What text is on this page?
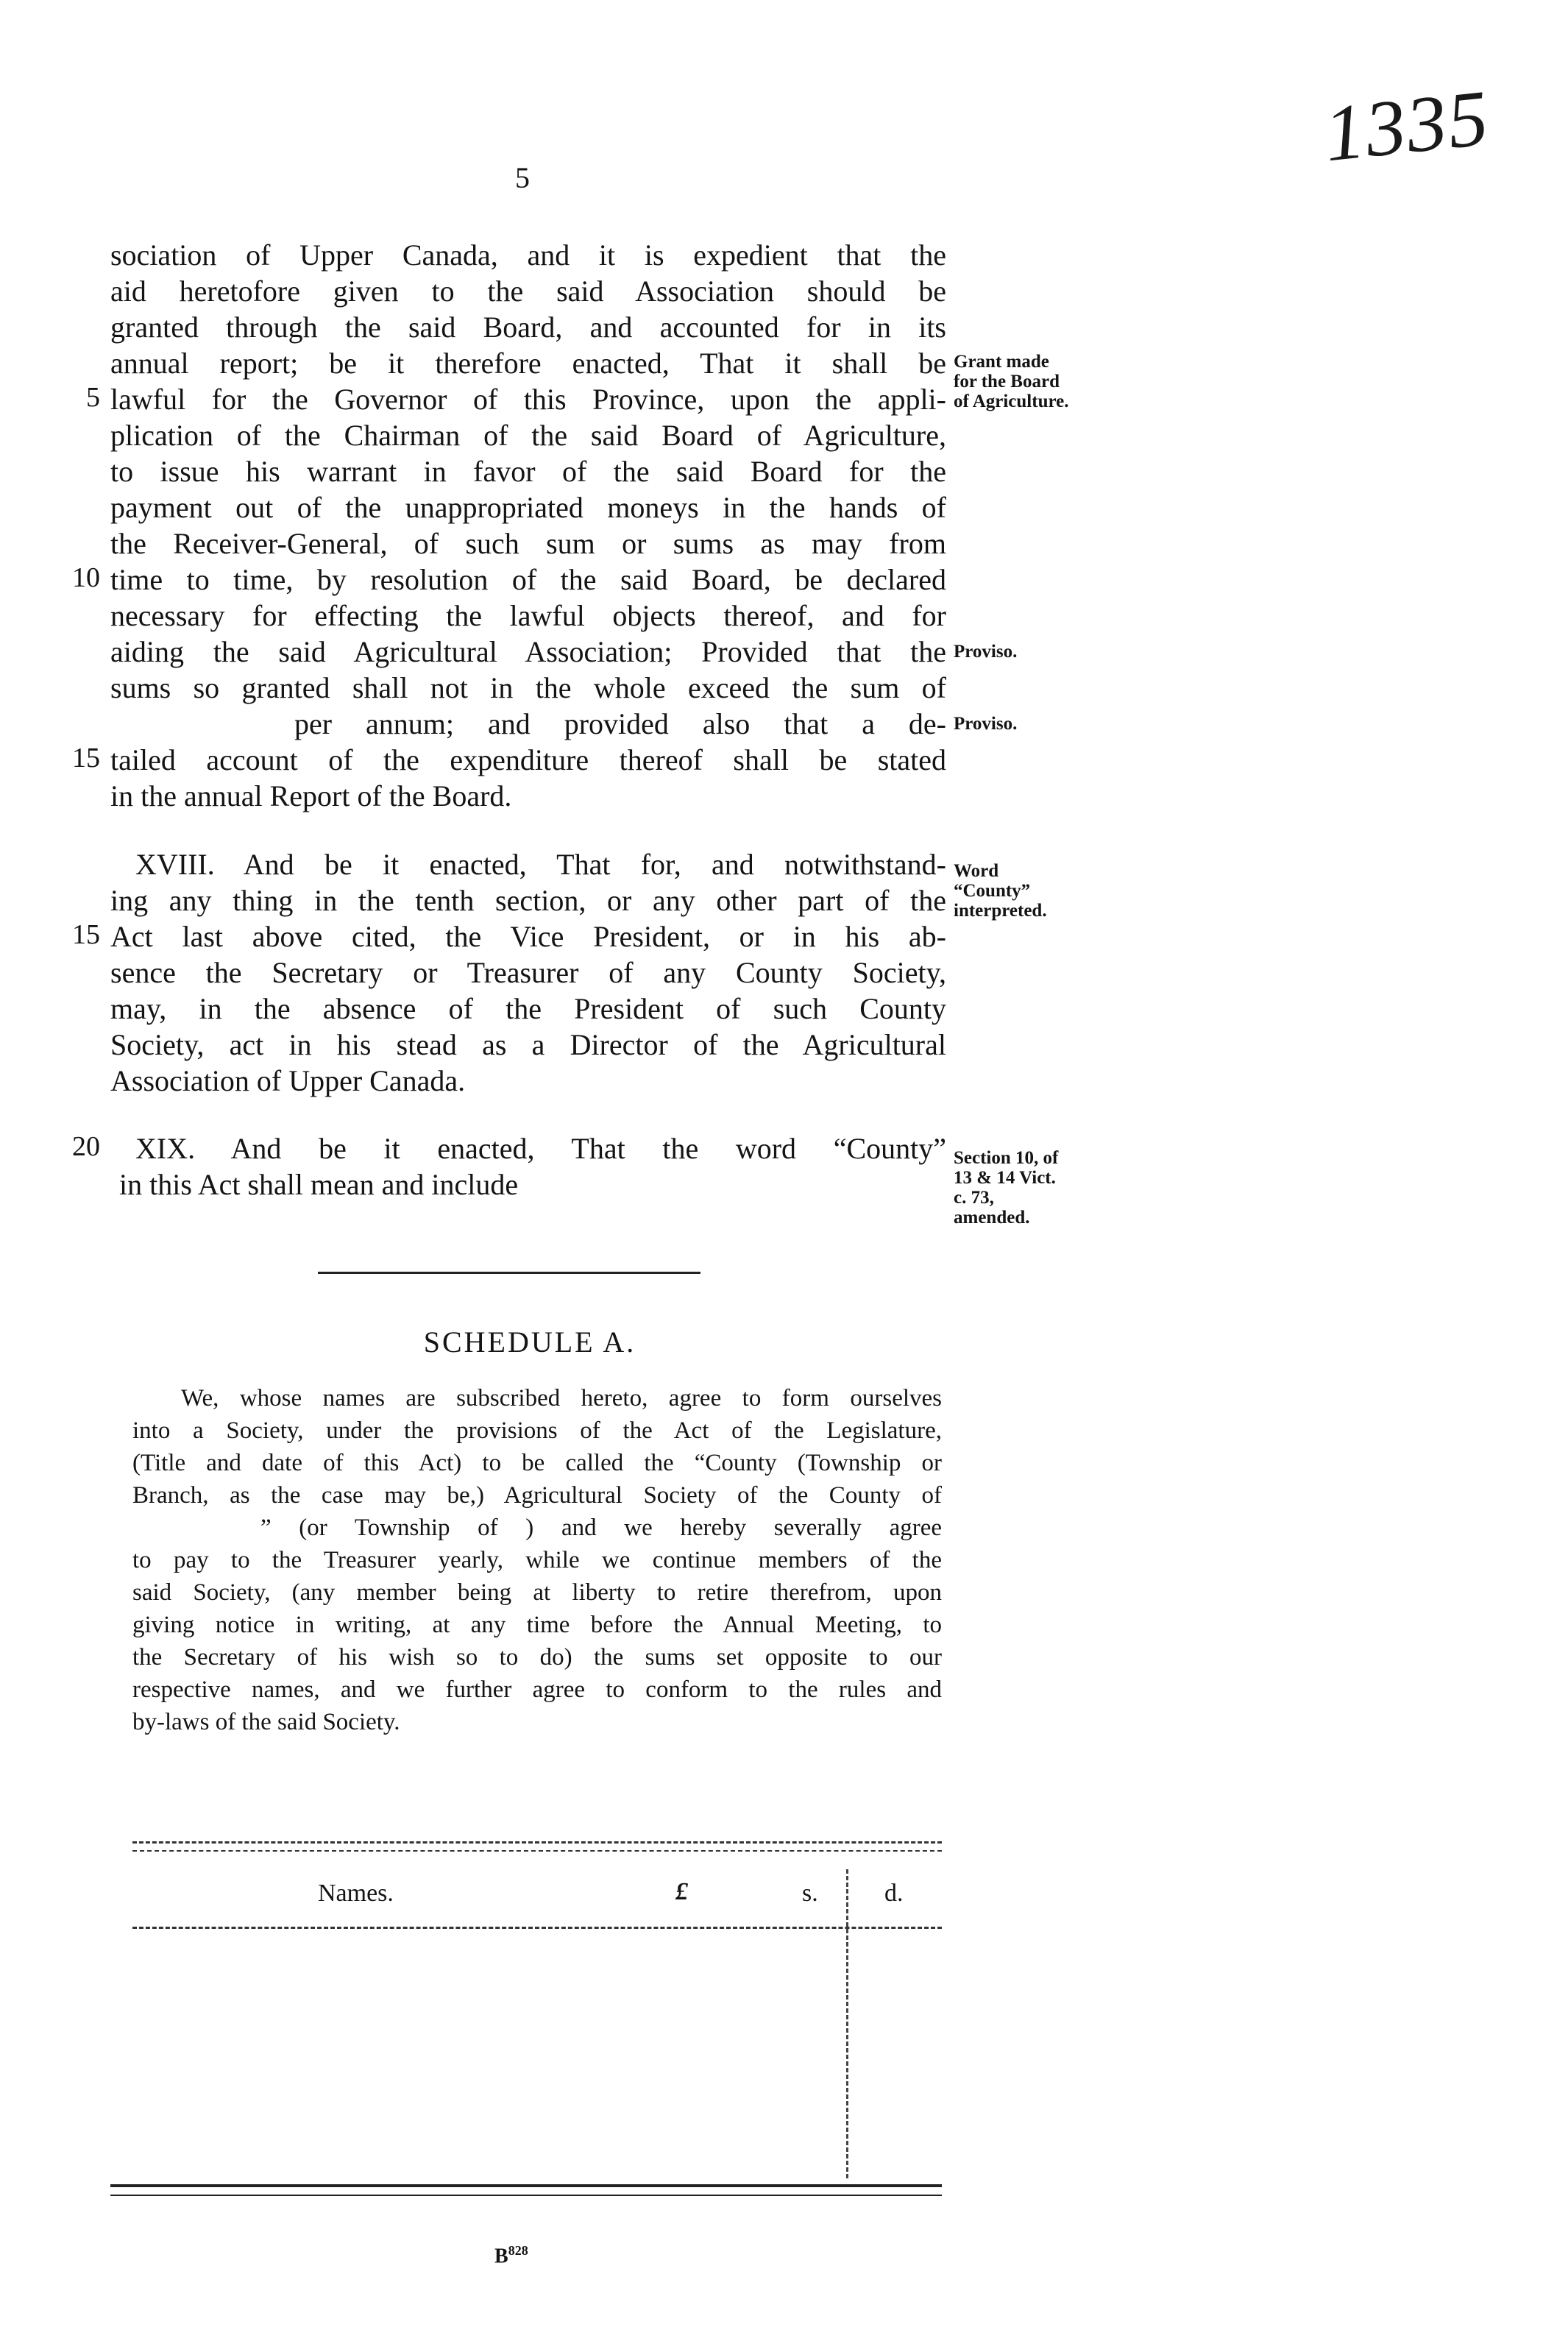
1335
5
sociation of Upper Canada, and it is expedient that the
aid heretofore given to the said Association should be
granted through the said Board, and accounted for in its
annual report; be it therefore enacted, That it shall be
lawful for the Governor of this Province, upon the appli-
5
plication of the Chairman of the said Board of Agriculture,
to issue his warrant in favor of the said Board for the
payment out of the unappropriated moneys in the hands of
the Receiver-General, of such sum or sums as may from
time to time, by resolution of the said Board, be declared
10
necessary for effecting the lawful objects thereof, and for
aiding the said Agricultural Association; Provided that the
sums so granted shall not in the whole exceed the sum of
per annum; and provided also that a de-
tailed account of the expenditure thereof shall be stated
15
in the annual Report of the Board.
XVIII. And be it enacted, That for, and notwithstand-
ing any thing in the tenth section, or any other part of the
Act last above cited, the Vice President, or in his ab-
15
sence the Secretary or Treasurer of any County Society,
may, in the absence of the President of such County
Society, act in his stead as a Director of the Agricultural
Association of Upper Canada.
XIX. And be it enacted, That the word “County”
20
in this Act shall mean and include
Grant made
for the Board
of Agriculture.
Proviso.
Proviso.
Word
“County”
interpreted.
Section 10, of
13 & 14 Vict.
c. 73,
amended.
SCHEDULE A.
We, whose names are subscribed hereto, agree to form ourselves
into a Society, under the provisions of the Act of the Legislature,
(Title and date of this Act) to be called the “County (Township or
Branch, as the case may be,) Agricultural Society of the County of
” (or Township of ) and we hereby severally agree
to pay to the Treasurer yearly, while we continue members of the
said Society, (any member being at liberty to retire therefrom, upon
giving notice in writing, at any time before the Annual Meeting, to
the Secretary of his wish so to do) the sums set opposite to our
respective names, and we further agree to conform to the rules and
by-laws of the said Society.
Names.	£	s.	d.
$B^{828}$
